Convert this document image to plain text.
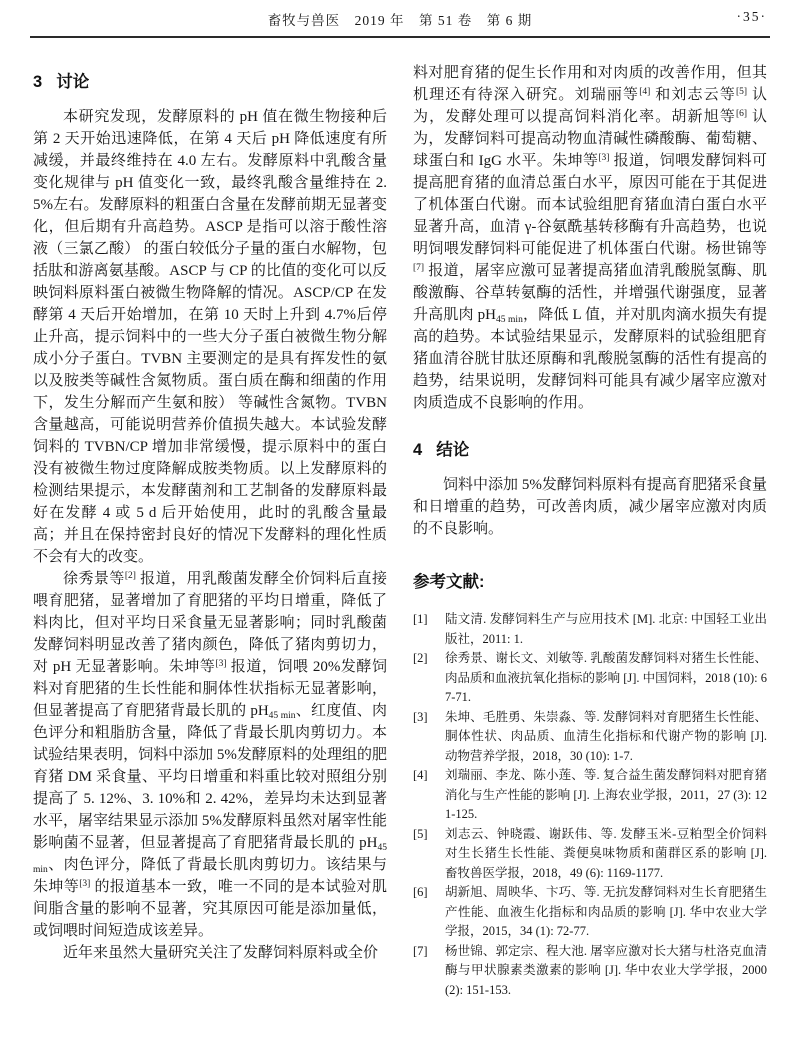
畜牧与兽医　2019 年　第 51 卷　第 6 期	·35·
3 讨论

本研究发现，发酵原料的 pH 值在微生物接种后第 2 天开始迅速降低，在第 4 天后 pH 降低速度有所减缓，并最终维持在 4.0 左右。发酵原料中乳酸含量变化规律与 pH 值变化一致，最终乳酸含量维持在 2.5%左右。发酵原料的粗蛋白含量在发酵前期无显著变化，但后期有升高趋势。ASCP 是指可以溶于酸性溶液（三氯乙酸） 的蛋白较低分子量的蛋白水解物，包括肽和游离氨基酸。ASCP 与 CP 的比值的变化可以反映饲料原料蛋白被微生物降解的情况。ASCP/CP 在发酵第 4 天后开始增加，在第 10 天时上升到 4.7%后停止升高，提示饲料中的一些大分子蛋白被微生物分解成小分子蛋白。TVBN 主要测定的是具有挥发性的氨以及胺类等碱性含氮物质。蛋白质在酶和细菌的作用下，发生分解而产生氨和胺） 等碱性含氮物。TVBN 含量越高，可能说明营养价值损失越大。本试验发酵饲料的 TVBN/CP 增加非常缓慢，提示原料中的蛋白没有被微生物过度降解成胺类物质。以上发酵原料的检测结果提示，本发酵菌剂和工艺制备的发酵原料最好在发酵 4 或 5 d 后开始使用，此时的乳酸含量最高；并且在保持密封良好的情况下发酵料的理化性质不会有大的改变。

徐秀景等[2] 报道，用乳酸菌发酵全价饲料后直接喂育肥猪，显著增加了育肥猪的平均日增重，降低了料肉比，但对平均日采食量无显著影响；同时乳酸菌发酵饲料明显改善了猪肉颜色，降低了猪肉剪切力，对 pH 无显著影响。朱坤等[3] 报道，饲喂 20%发酵饲料对育肥猪的生长性能和胴体性状指标无显著影响，但显著提高了育肥猪背最长肌的 $pH_{45 min}$、红度值、肉色评分和粗脂肪含量，降低了背最长肌肉剪切力。本试验结果表明，饲料中添加 5%发酵原料的处理组的肥育猪 DM 采食量、平均日增重和料重比较对照组分别提高了 5. 12%、3. 10%和 2. 42%，差异均未达到显著水平，屠宰结果显示添加 5%发酵原料虽然对屠宰性能影响菌不显著，但显著提高了育肥猪背最长肌的 $pH_{45 min}$、肉色评分，降低了背最长肌肉剪切力。该结果与朱坤等[3] 的报道基本一致，唯一不同的是本试验对肌间脂含量的影响不显著，究其原因可能是添加量低，或饲喂时间短造成该差异。

近年来虽然大量研究关注了发酵饲料原料或全价

料对肥育猪的促生长作用和对肉质的改善作用，但其机理还有待深入研究。刘瑞丽等[4] 和刘志云等[5] 认为，发酵处理可以提高饲料消化率。胡新旭等[6] 认为，发酵饲料可提高动物血清碱性磷酸酶、葡萄糖、球蛋白和 IgG 水平。朱坤等[3] 报道，饲喂发酵饲料可提高肥育猪的血清总蛋白水平，原因可能在于其促进了机体蛋白代谢。而本试验组肥育猪血清白蛋白水平显著升高，血清 γ-谷氨酰基转移酶有升高趋势，也说明饲喂发酵饲料可能促进了机体蛋白代谢。杨世锦等[7] 报道，屠宰应激可显著提高猪血清乳酸脱氢酶、肌酸激酶、谷草转氨酶的活性，并增强代谢强度，显著升高肌肉 $pH_{45 min}$，降低 L 值，并对肌肉滴水损失有提高的趋势。本试验结果显示，发酵原料的试验组肥育猪血清谷胱甘肽还原酶和乳酸脱氢酶的活性有提高的趋势，结果说明，发酵饲料可能具有减少屠宰应激对肉质造成不良影响的作用。

4 结论

饲料中添加 5%发酵饲料原料有提高育肥猪采食量和日增重的趋势，可改善肉质，减少屠宰应激对肉质的不良影响。

参考文献:
[1]	陆文清. 发酵饲料生产与应用技术 [M]. 北京: 中国轻工业出版社，2011: 1.
[2]	徐秀景、谢长文、刘敏等. 乳酸菌发酵饲料对猪生长性能、肉品质和血液抗氧化指标的影响 [J]. 中国饲料，2018 (10): 67-71.
[3]	朱坤、毛胜勇、朱崇淼、等. 发酵饲料对育肥猪生长性能、胴体性状、肉品质、血清生化指标和代谢产物的影响 [J]. 动物营养学报，2018，30 (10): 1-7.
[4]	刘瑞丽、李龙、陈小莲、等. 复合益生菌发酵饲料对肥育猪消化与生产性能的影响 [J]. 上海农业学报，2011，27 (3): 121-125.
[5]	刘志云、钟晓霞、谢跃伟、等. 发酵玉米-豆粕型全价饲料对生长猪生长性能、粪便臭味物质和菌群区系的影响 [J]. 畜牧兽医学报，2018，49 (6): 1169-1177.
[6]	胡新旭、周映华、卞巧、等. 无抗发酵饲料对生长育肥猪生产性能、血液生化指标和肉品质的影响 [J]. 华中农业大学学报，2015，34 (1): 72-77.
[7]	杨世锦、郭定宗、程大池. 屠宰应激对长大猪与杜洛克血清酶与甲状腺素类激素的影响 [J]. 华中农业大学学报，2000 (2): 151-153.
